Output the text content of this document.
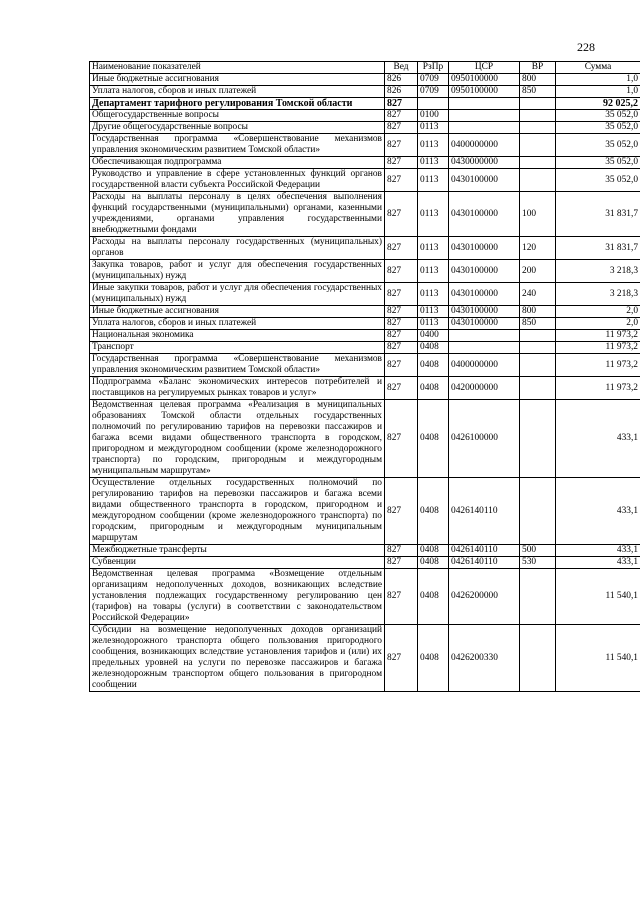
228
Наименование показателей	Вед	РзПр	ЦСР	ВР	Сумма
Иные бюджетные ассигнования	826	0709	0950100000	800	1,0
Уплата налогов, сборов и иных платежей	826	0709	0950100000	850	1,0
Департамент тарифного регулирования Томской области	827				92 025,2
Общегосударственные вопросы	827	0100			35 052,0
Другие общегосударственные вопросы	827	0113			35 052,0
Государственная программа «Совершенствование механизмов управления экономическим развитием Томской области»	827	0113	0400000000		35 052,0
Обеспечивающая подпрограмма	827	0113	0430000000		35 052,0
Руководство и управление в сфере установленных функций органов государственной власти субъекта Российской Федерации	827	0113	0430100000		35 052,0
Расходы на выплаты персоналу в целях обеспечения выполнения функций государственными (муниципальными) органами, казенными учреждениями, органами управления государственными внебюджетными фондами	827	0113	0430100000	100	31 831,7
Расходы на выплаты персоналу государственных (муниципальных) органов	827	0113	0430100000	120	31 831,7
Закупка товаров, работ и услуг для обеспечения государственных (муниципальных) нужд	827	0113	0430100000	200	3 218,3
Иные закупки товаров, работ и услуг для обеспечения государственных (муниципальных) нужд	827	0113	0430100000	240	3 218,3
Иные бюджетные ассигнования	827	0113	0430100000	800	2,0
Уплата налогов, сборов и иных платежей	827	0113	0430100000	850	2,0
Национальная экономика	827	0400			11 973,2
Транспорт	827	0408			11 973,2
Государственная программа «Совершенствование механизмов управления экономическим развитием Томской области»	827	0408	0400000000		11 973,2
Подпрограмма «Баланс экономических интересов потребителей и поставщиков на регулируемых рынках товаров и услуг»	827	0408	0420000000		11 973,2
Ведомственная целевая программа «Реализация в муниципальных образованиях Томской области отдельных государственных полномочий по регулированию тарифов на перевозки пассажиров и багажа всеми видами общественного транспорта в городском, пригородном и междугородном сообщении (кроме железнодорожного транспорта) по городским, пригородным и междугородным муниципальным маршрутам»	827	0408	0426100000		433,1
Осуществление отдельных государственных полномочий по регулированию тарифов на перевозки пассажиров и багажа всеми видами общественного транспорта в городском, пригородном и междугородном сообщении (кроме железнодорожного транспорта) по городским, пригородным и междугородным муниципальным маршрутам	827	0408	0426140110		433,1
Межбюджетные трансферты	827	0408	0426140110	500	433,1
Субвенции	827	0408	0426140110	530	433,1
Ведомственная целевая программа «Возмещение отдельным организациям недополученных доходов, возникающих вследствие установления подлежащих государственному регулированию цен (тарифов) на товары (услуги) в соответствии с законодательством Российской Федерации»	827	0408	0426200000		11 540,1
Субсидии на возмещение недополученных доходов организаций железнодорожного транспорта общего пользования пригородного сообщения, возникающих вследствие установления тарифов и (или) их предельных уровней на услуги по перевозке пассажиров и багажа железнодорожным транспортом общего пользования в пригородном сообщении	827	0408	0426200330		11 540,1
